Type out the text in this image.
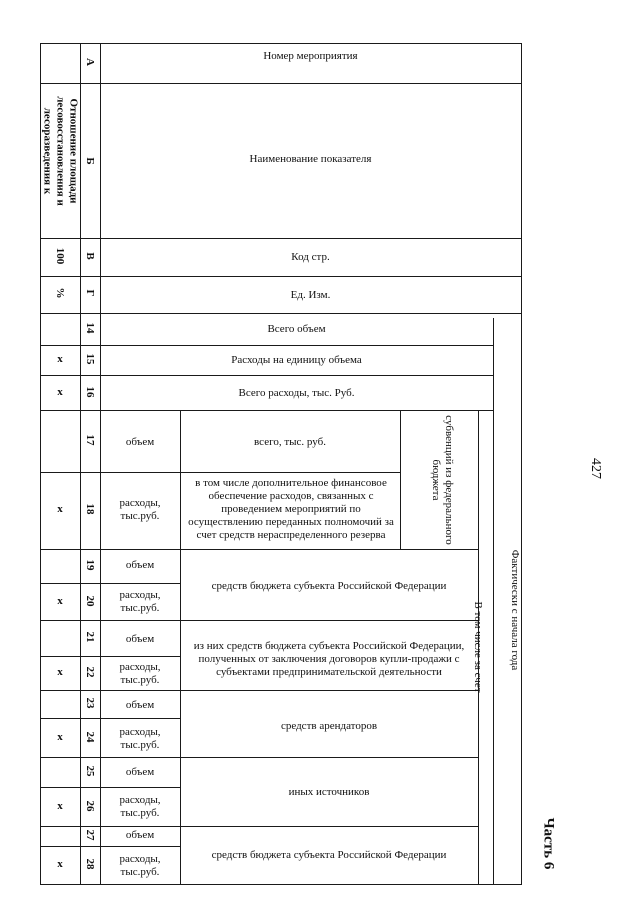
Номер мероприятия
Наименование показателя
Код стр.
Ед. Изм.
А
Б
В
Г
Отношение площади лесовосстановления и лесоразведения к
100
%
14
15
16
17
18
19
20
21
22
23
24
25
26
27
28
х
х
х
х
х
х
х
х
Всего объем
Расходы на единицу объема
Всего расходы, тыс. Руб.
объем
расходы, тыс.руб.
объем
расходы, тыс.руб.
объем
расходы, тыс.руб.
объем
расходы, тыс.руб.
объем
расходы, тыс.руб.
объем
расходы, тыс.руб.
всего, тыс. руб.
в том числе дополнительное финансовое обеспечение расходов, связанных с проведением мероприятий по осуществлению переданных полномочий за счет средств нераспределенного резерва
средств бюджета субъекта Российской Федерации
из них средств бюджета субъекта Российской Федерации, полученных от заключения договоров купли-продажи с субъектами предпринимательской деятельности
средств арендаторов
иных источников
средств бюджета субъекта Российской Федерации
субвенций из федерального бюджета
В том числе за счет Фактически с начала года
427
Часть 6
